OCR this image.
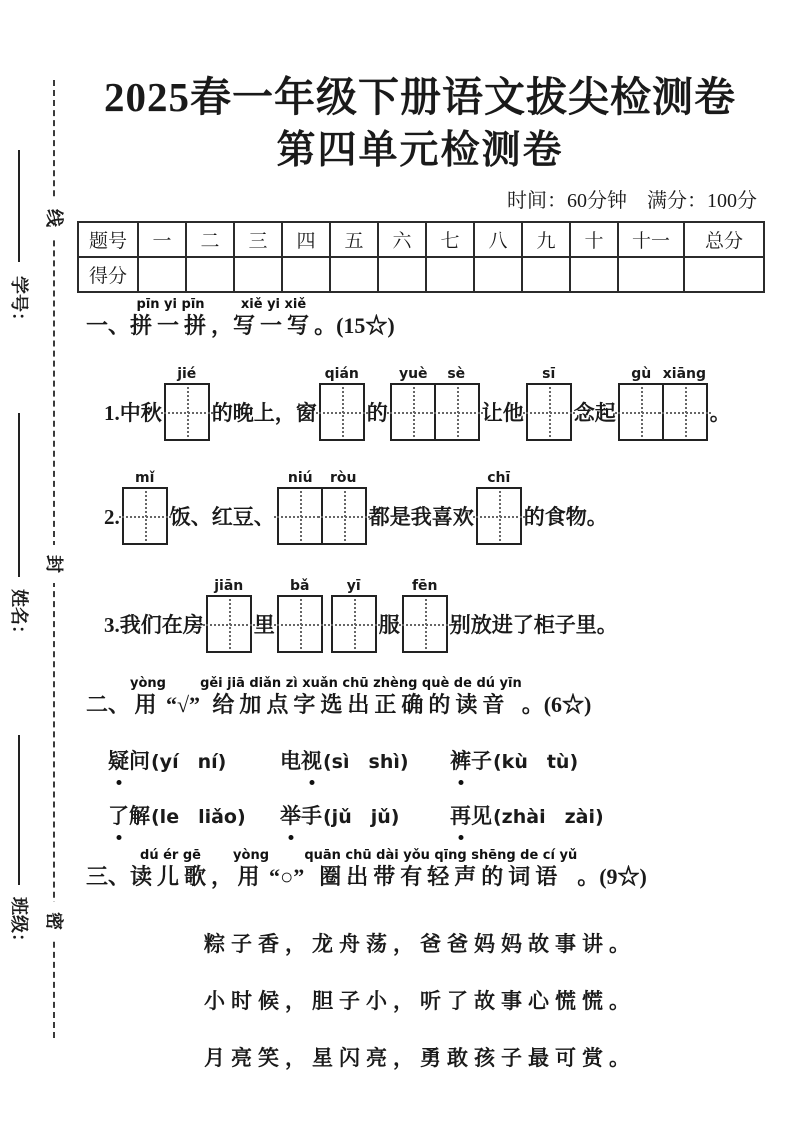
线
封
密
学号：
姓名：
班级：
2025春一年级下册语文拔尖检测卷
第四单元检测卷
时间：60分钟　满分：100分
题号	一	二	三	四	五	六	七	八	九	十	十一	总分
得分												
一、
pīn yi pīn
拼一拼 ，
xiě yi xiě
写一写 。(15☆)
1.中秋
jié
的晚上，窗
qián
的
yuè	sè
让他
sī
念起
gù xiāng
。
2.
mǐ
饭、红豆、
niú	ròu
都是我喜欢
chī
的食物。
3.我们在房
jiān
里
bǎ	yī
服
fēn
别放进了柜子里。
二、
yòng
用 “√”
gěi jiā diǎn zì xuǎn chū zhèng què de dú yīn
给加点字选出正确的读音 。(6☆)
疑问(yí　ní)	电视(sì　shì)	裤子(kù　tù)
了解(le　liǎo)	举手(jǔ　jǔ)	再见(zhài　zài)
三、
dú ér gē
读儿歌 ，
yòng
用 “○”
quān chū dài yǒu qīng shēng de cí yǔ
圈出带有轻声的词语 。(9☆)
粽子香，龙舟荡，爸爸妈妈故事讲。
小时候，胆子小，听了故事心慌慌。
月亮笑，星闪亮，勇敢孩子最可赏。
